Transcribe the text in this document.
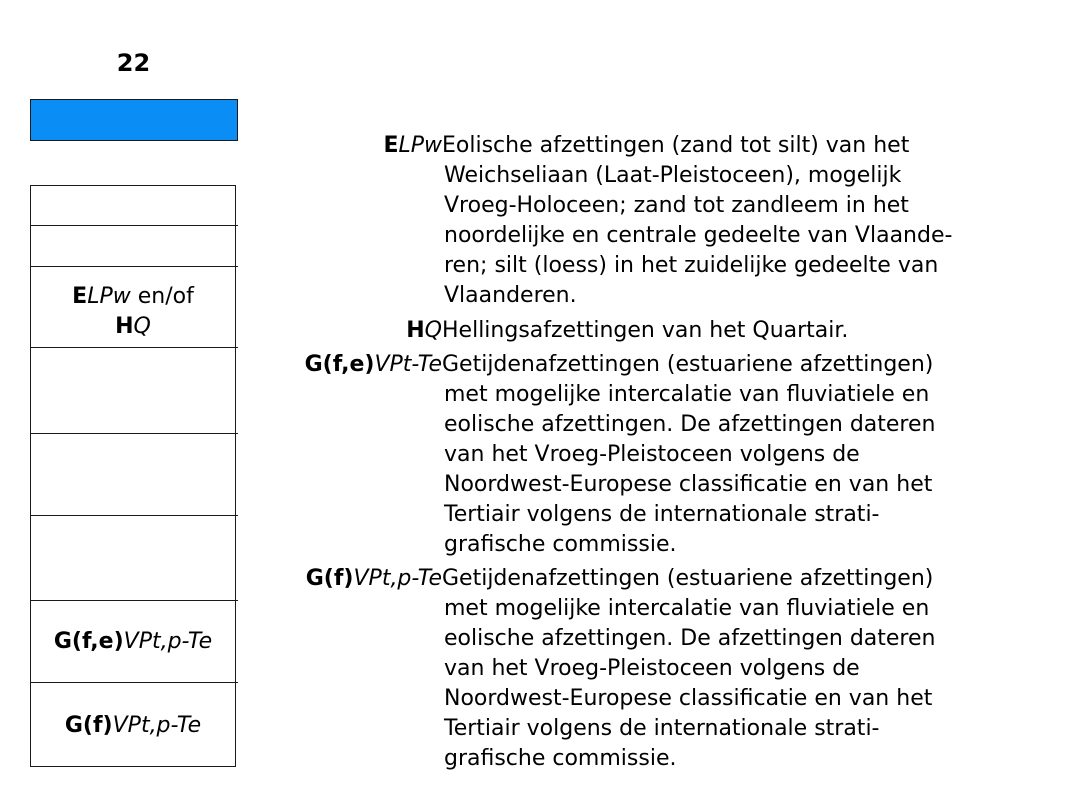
22
ELPw en/of
HQ
G(f,e)VPt,p-Te
G(f)VPt,p-Te
ELPw Eolische afzettingen (zand tot silt) van het
Weichseliaan (Laat-Pleistoceen), mogelijk
Vroeg-Holoceen; zand tot zandleem in het
noordelijke en centrale gedeelte van Vlaande-
ren; silt (loess) in het zuidelijke gedeelte van
Vlaanderen.
HQ Hellingsafzettingen van het Quartair.
G(f,e)VPt-Te Getijdenafzettingen (estuariene afzettingen)
met mogelijke intercalatie van fluviatiele en
eolische afzettingen. De afzettingen dateren
van het Vroeg-Pleistoceen volgens de
Noordwest-Europese classificatie en van het
Tertiair volgens de internationale strati-
grafische commissie.
G(f)VPt,p-Te Getijdenafzettingen (estuariene afzettingen)
met mogelijke intercalatie van fluviatiele en
eolische afzettingen. De afzettingen dateren
van het Vroeg-Pleistoceen volgens de
Noordwest-Europese classificatie en van het
Tertiair volgens de internationale strati-
grafische commissie.
